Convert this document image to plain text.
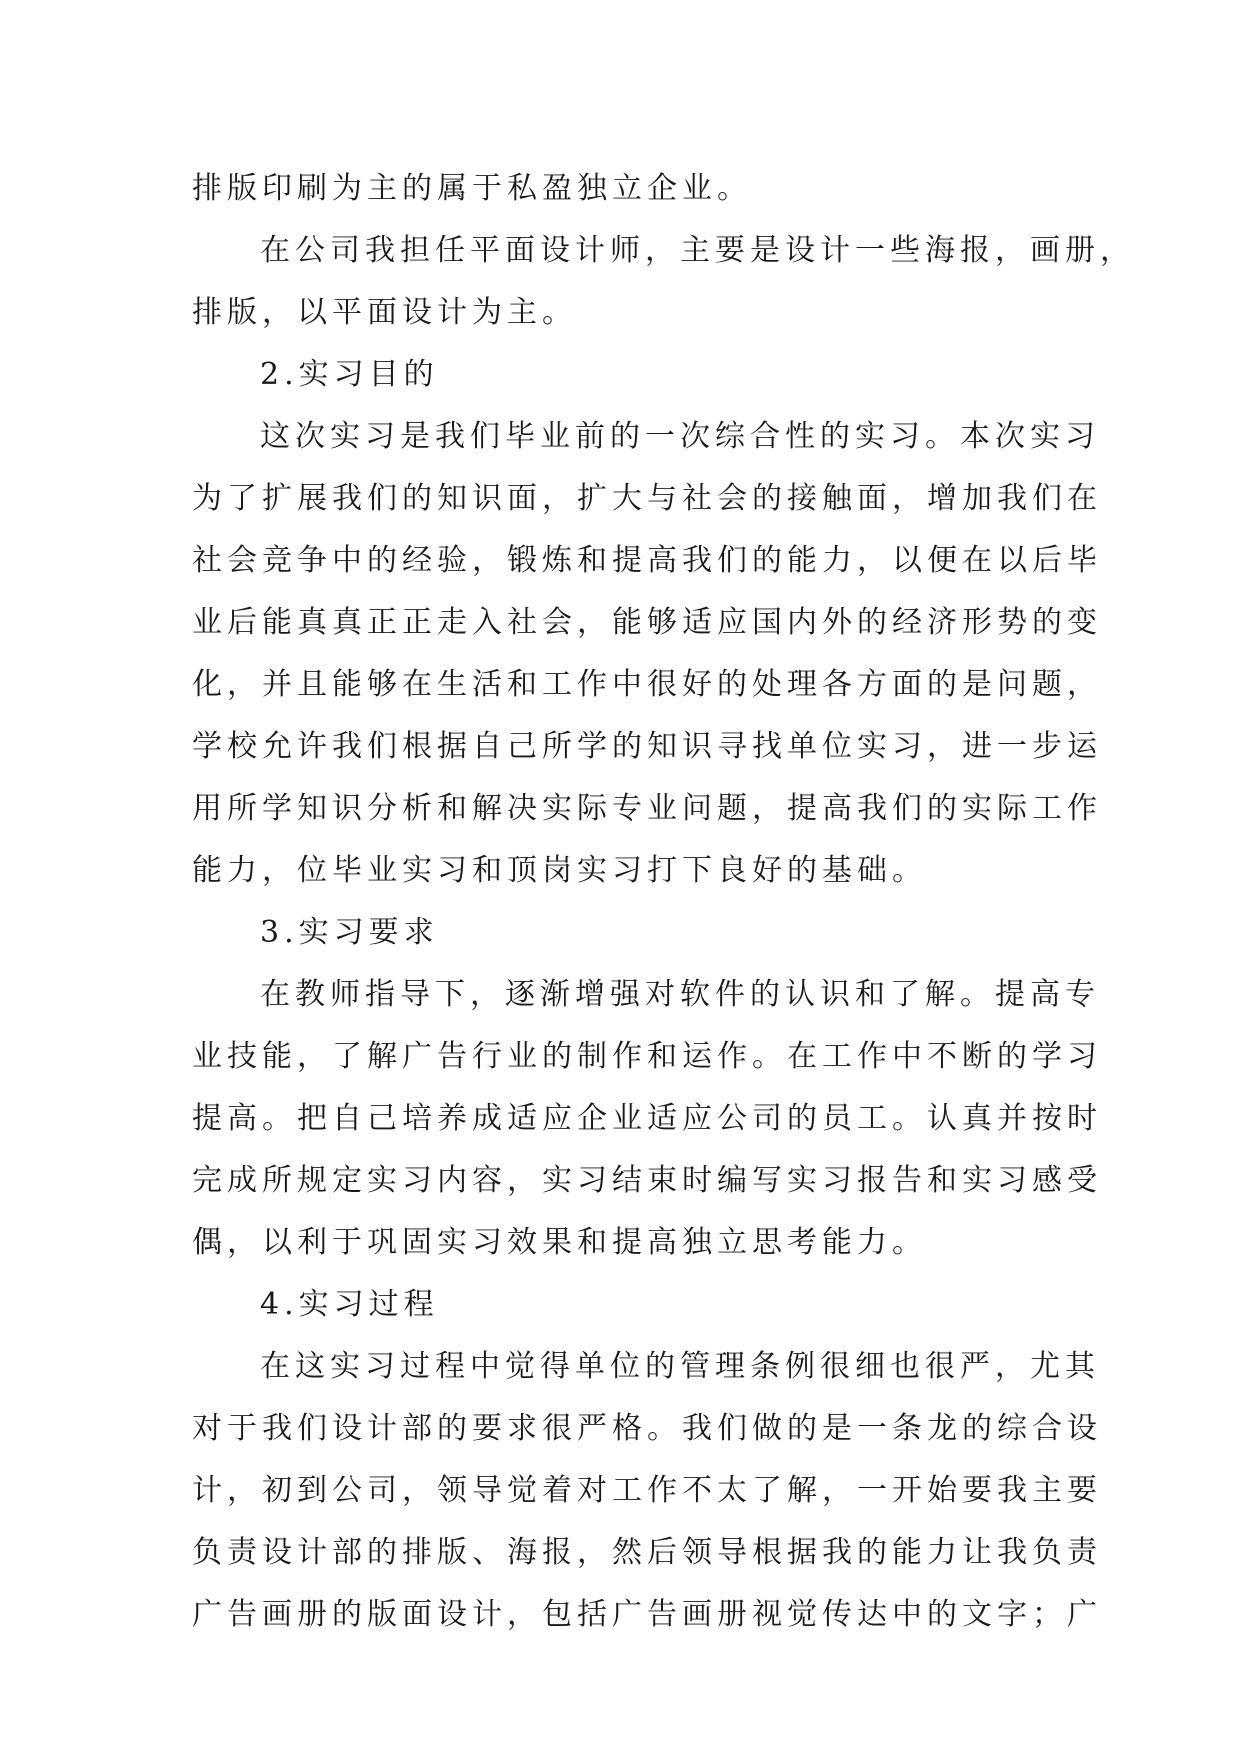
排版印刷为主的属于私盈独立企业。
在公司我担任平面设计师，主要是设计一些海报，画册，
排版，以平面设计为主。
2.实习目的
这次实习是我们毕业前的一次综合性的实习。本次实习
为了扩展我们的知识面，扩大与社会的接触面，增加我们在
社会竞争中的经验，锻炼和提高我们的能力，以便在以后毕
业后能真真正正走入社会，能够适应国内外的经济形势的变
化，并且能够在生活和工作中很好的处理各方面的是问题，
学校允许我们根据自己所学的知识寻找单位实习，进一步运
用所学知识分析和解决实际专业问题，提高我们的实际工作
能力，位毕业实习和顶岗实习打下良好的基础。
3.实习要求
在教师指导下，逐渐增强对软件的认识和了解。提高专
业技能，了解广告行业的制作和运作。在工作中不断的学习
提高。把自己培养成适应企业适应公司的员工。认真并按时
完成所规定实习内容，实习结束时编写实习报告和实习感受
偶，以利于巩固实习效果和提高独立思考能力。
4.实习过程
在这实习过程中觉得单位的管理条例很细也很严，尤其
对于我们设计部的要求很严格。我们做的是一条龙的综合设
计，初到公司，领导觉着对工作不太了解，一开始要我主要
负责设计部的排版、海报，然后领导根据我的能力让我负责
广告画册的版面设计，包括广告画册视觉传达中的文字；广
